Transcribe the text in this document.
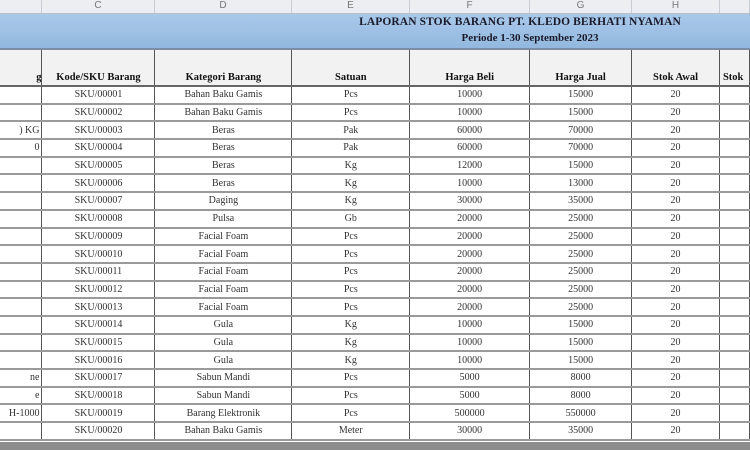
C	D	E	F	G	H
LAPORAN STOK BARANG PT. KLEDO BERHATI NYAMAN
Periode 1-30 September 2023
g	Kode/SKU Barang	Kategori Barang	Satuan	Harga Beli	Harga Jual	Stok Awal	Stok
	SKU/00001	Bahan Baku Gamis	Pcs	10000	15000	20	
	SKU/00002	Bahan Baku Gamis	Pcs	10000	15000	20	
) KG	SKU/00003	Beras	Pak	60000	70000	20	
0	SKU/00004	Beras	Pak	60000	70000	20	
	SKU/00005	Beras	Kg	12000	15000	20	
	SKU/00006	Beras	Kg	10000	13000	20	
	SKU/00007	Daging	Kg	30000	35000	20	
	SKU/00008	Pulsa	Gb	20000	25000	20	
	SKU/00009	Facial Foam	Pcs	20000	25000	20	
	SKU/00010	Facial Foam	Pcs	20000	25000	20	
	SKU/00011	Facial Foam	Pcs	20000	25000	20	
	SKU/00012	Facial Foam	Pcs	20000	25000	20	
	SKU/00013	Facial Foam	Pcs	20000	25000	20	
	SKU/00014	Gula	Kg	10000	15000	20	
	SKU/00015	Gula	Kg	10000	15000	20	
	SKU/00016	Gula	Kg	10000	15000	20	
ne	SKU/00017	Sabun Mandi	Pcs	5000	8000	20	
e	SKU/00018	Sabun Mandi	Pcs	5000	8000	20	
H-1000	SKU/00019	Barang Elektronik	Pcs	500000	550000	20	
	SKU/00020	Bahan Baku Gamis	Meter	30000	35000	20	
